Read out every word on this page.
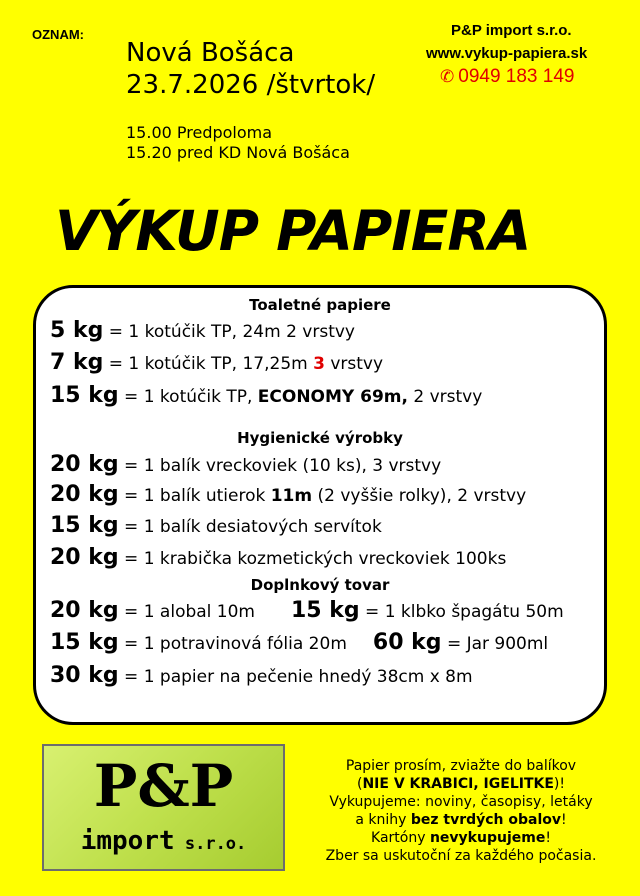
OZNAM:
Nová Bošáca
23.7.2026 /štvrtok/
15.00 Predpoloma
15.20 pred KD Nová Bošáca
P&P import s.r.o.
www.vykup-papiera.sk
✆ 0949 183 149
VÝKUP PAPIERA
Toaletné papiere
5 kg = 1 kotúčik TP, 24m 2 vrstvy
7 kg = 1 kotúčik TP, 17,25m 3 vrstvy
15 kg = 1 kotúčik TP, ECONOMY 69m, 2 vrstvy
Hygienické výrobky
20 kg = 1 balík vreckoviek (10 ks), 3 vrstvy
20 kg = 1 balík utierok 11m (2 vyššie rolky), 2 vrstvy
15 kg = 1 balík desiatových servítok
20 kg = 1 krabička kozmetických vreckoviek 100ks
Doplnkový tovar
20 kg = 1 alobal 10m 15 kg = 1 klbko špagátu 50m
15 kg = 1 potravinová fólia 20m 60 kg = Jar 900ml
30 kg = 1 papier na pečenie hnedý 38cm x 8m
P&P
import s.r.o.
Papier prosím, zviažte do balíkov
(NIE V KRABICI, IGELITKE)!
Vykupujeme: noviny, časopisy, letáky
a knihy bez tvrdých obalov!
Kartóny nevykupujeme!
Zber sa uskutoční za každého počasia.
